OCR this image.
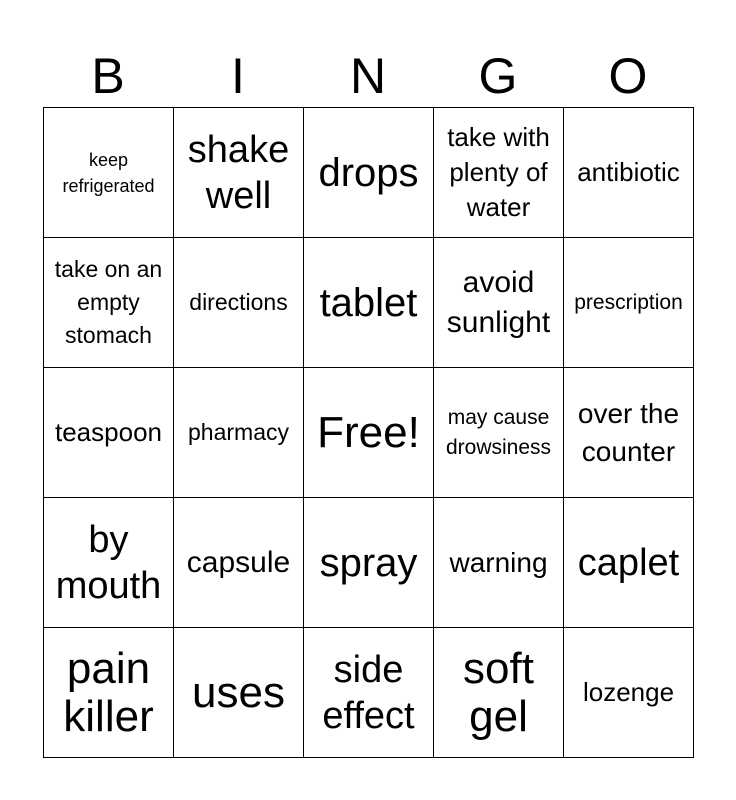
B	I	N	G	O
keep refrigerated	shake well	drops	take with plenty of water	antibiotic
take on an empty stomach	directions	tablet	avoid sunlight	prescription
teaspoon	pharmacy	Free!	may cause drowsiness	over the counter
by mouth	capsule	spray	warning	caplet
pain killer	uses	side effect	soft gel	lozenge
